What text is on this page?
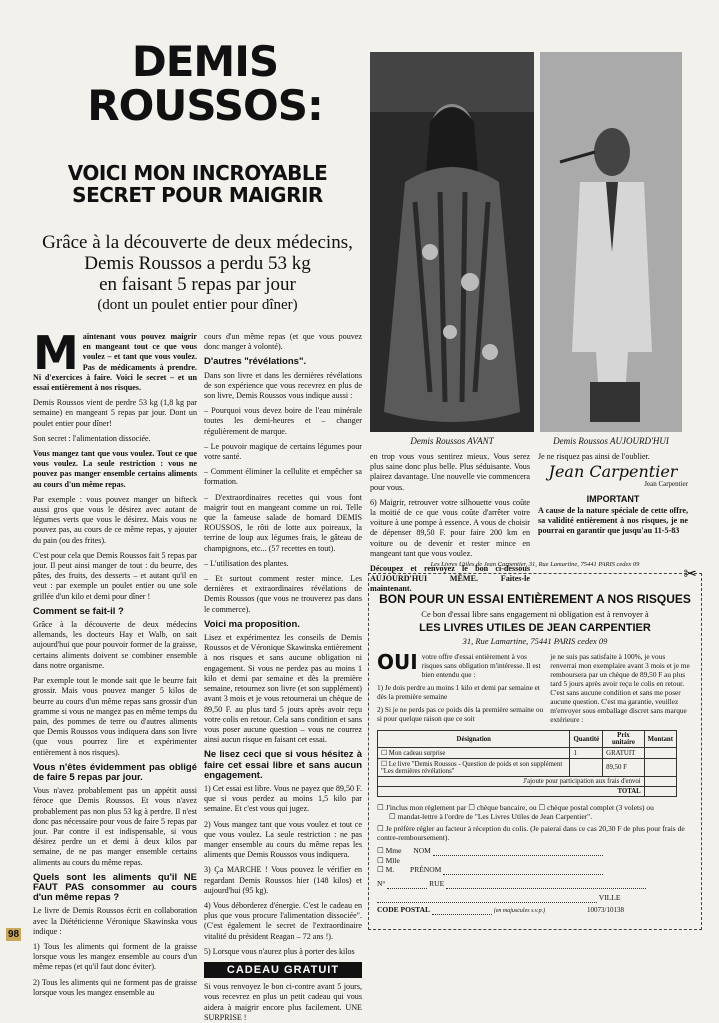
DEMIS
ROUSSOS:
VOICI MON INCROYABLE
SECRET POUR MAIGRIR
Grâce à la découverte de deux médecins,
Demis Roussos a perdu 53 kg
en faisant 5 repas par jour
(dont un poulet entier pour dîner)
Demis Roussos AVANT	Demis Roussos AUJOURD'HUI

Maintenant vous pouvez maigrir en mangeant tout ce que vous voulez – et tant que vous voulez. Pas de médicaments à prendre. Ni d'exercices à faire. Voici le secret – et un essai entièrement à nos risques.

Demis Roussos vient de perdre 53 kg (1,8 kg par semaine) en mangeant 5 repas par jour. Dont un poulet entier pour dîner!

Son secret : l'alimentation dissociée.

Vous mangez tant que vous voulez. Tout ce que vous voulez. La seule restriction : vous ne pouvez pas manger ensemble certains aliments au cours d'un même repas.

Par exemple : vous pouvez manger un bifteck aussi gros que vous le désirez avec autant de légumes verts que vous le désirez. Mais vous ne pouvez pas, au cours de ce même repas, y ajouter du pain (ou des frites).

C'est pour cela que Demis Roussos fait 5 repas par jour. Il peut ainsi manger de tout : du beurre, des pâtes, des fruits, des desserts – et autant qu'il en veut : par exemple un poulet entier ou une sole grillée d'un kilo et demi pour dîner !

Comment se fait-il ?

Grâce à la découverte de deux médecins allemands, les docteurs Hay et Walb, on sait aujourd'hui que pour pouvoir former de la graisse, certains aliments doivent se combiner ensemble dans notre organisme.

Par exemple tout le monde sait que le beurre fait grossir. Mais vous pouvez manger 5 kilos de beurre au cours d'un même repas sans grossir d'un gramme si vous ne mangez pas en même temps du pain, des pommes de terre ou d'autres aliments que Demis Roussos vous indiquera dans son livre (que vous pourrez lire et expérimenter entièrement à nos risques).

Vous n'êtes évidemment pas obligé de faire 5 repas par jour.

Vous n'avez probablement pas un appétit aussi féroce que Demis Roussos. Et vous n'avez probablement pas non plus 53 kg à perdre. Il n'est donc pas nécessaire pour vous de faire 5 repas par jour. Par contre il est indispensable, si vous désirez perdre un et demi à deux kilos par semaine, de ne pas manger ensemble certains aliments au cours du même repas.

Quels sont les aliments qu'il NE FAUT PAS consommer au cours d'un même repas ?

Le livre de Demis Roussos écrit en collaboration avec la Diététicienne Véronique Skawinska vous indique :

1) Tous les aliments qui forment de la graisse lorsque vous les mangez ensemble au cours d'un même repas (et qu'il faut donc éviter).

2) Tous les aliments qui ne forment pas de graisse lorsque vous les mangez ensemble au

cours d'un même repas (et que vous pouvez donc manger à volonté).

D'autres "révélations".

Dans son livre et dans les dernières révélations de son expérience que vous recevrez en plus de son livre, Demis Roussos vous indique aussi :

– Pourquoi vous devez boire de l'eau minérale toutes les demi-heures et – changer régulièrement de marque.

– Le pouvoir magique de certains légumes pour votre santé.

– Comment éliminer la cellulite et empêcher sa formation.

– D'extraordinaires recettes qui vous font maigrir tout en mangeant comme un roi. Telle que la fameuse salade de homard DEMIS ROUSSOS, le rôti de lotte aux poireaux, la terrine de loup aux légumes frais, le gâteau de champignons, etc... (57 recettes en tout).

– L'utilisation des plantes.

– Et surtout comment rester mince. Les dernières et extraordinaires révélations de Demis Roussos (que vous ne trouverez pas dans le commerce).

Voici ma proposition.

Lisez et expérimentez les conseils de Demis Roussos et de Véronique Skawinska entièrement à nos risques et sans aucune obligation ni engagement. Si vous ne perdez pas au moins 1 kilo et demi par semaine et dès la première semaine, retournez son livre (et son supplément) avant 3 mois et je vous retournerai un chèque de 89,50 F. au plus tard 5 jours après avoir reçu votre colis en retour. Cela sans condition et sans vous poser aucune question – vous ne courrez ainsi aucun risque en faisant cet essai.

Ne lisez ceci que si vous hésitez à faire cet essai libre et sans aucun engagement.

1) Cet essai est libre. Vous ne payez que 89,50 F. que si vous perdez au moins 1,5 kilo par semaine. Et c'est vous qui jugez.

2) Vous mangez tant que vous voulez et tout ce que vous voulez. La seule restriction : ne pas manger ensemble au cours du même repas les aliments que Demis Roussos vous indiquera.

3) Ça MARCHE ! Vous pouvez le vérifier en regardant Demis Roussos hier (148 kilos) et aujourd'hui (95 kg).

4) Vous déborderez d'énergie. C'est le cadeau en plus que vous procure l'alimentation dissociée". (C'est également le secret de l'extraordinaire vitalité du président Reagan – 72 ans !).

5) Lorsque vous n'aurez plus à porter des kilos

CADEAU GRATUIT

Si vous renvoyez le bon ci-contre avant 5 jours, vous recevrez en plus un petit cadeau qui vous aidera à maigrir encore plus facilement. UNE SURPRISE !

en trop vous vous sentirez mieux. Vous serez plus saine donc plus belle. Plus séduisante. Vous plairez davantage. Une nouvelle vie commencera pour vous.

6) Maigrir, retrouver votre silhouette vous coûte la moitié de ce que vous coûte d'arrêter votre voiture à une pompe à essence. A vous de choisir de dépenser 89,50 F. pour faire 200 km en voiture ou de devenir et rester mince en mangeant tant que vous voulez.

Découpez et renvoyez le bon ci-dessous AUJOURD'HUI MÊME. Faites-le maintenant.

Les Livres Utiles de Jean Carpentier, 31, Rue Lamartine, 75441 PARIS cedex 09

Je ne risquez pas ainsi de l'oublier.

Jean Carpentier
Jean Carpentier
IMPORTANT

A cause de la nature spéciale de cette offre, sa validité entièrement à nos risques, je ne pourrai en garantir que jusqu'au 11-5-83

BON POUR UN ESSAI ENTIÈREMENT A NOS RISQUES
Ce bon d'essai libre sans engagement ni obligation est à renvoyer à
LES LIVRES UTILES DE JEAN CARPENTIER
31, Rue Lamartine, 75441 PARIS cedex 09
OUI votre offre d'essai entièrement à vos risques sans obligation m'intéresse. Il est bien entendu que :
1) Je dois perdre au moins 1 kilo et demi par semaine et dès la première semaine
2) Si je ne perds pas ce poids dès la première semaine ou si pour quelque raison que ce soit
je ne suis pas satisfaite à 100%, je vous renverrai mon exemplaire avant 3 mois et je me remboursera par un chèque de 89,50 F au plus tard 5 jours après avoir reçu le colis en retour. C'est sans aucune condition et sans me poser aucune question. C'est ma garantie, veuillez m'envoyer sous emballage discret sans marque extérieure :
Désignation	Quantité	Prix unitaire	Montant
☐ Mon cadeau surprise	1	GRATUIT	
☐ Le livre "Demis Roussos - Question de poids et son supplément "Les dernières révélations"		89,50 F	
J'ajoute pour participation aux frais d'envoi			
TOTAL			
☐ J'inclus mon règlement par ☐ chèque bancaire, ou ☐ chèque postal complet (3 volets) ou
☐ mandat-lettre à l'ordre de "Les Livres Utiles de Jean Carpentier".
☐ Je préfère régler au facteur à réception du colis. (Je paierai dans ce cas 20,30 F de plus pour frais de contre-remboursement).
☐ Mme NOM
☐ Mlle
☐ M. PRÉNOM
N°	RUE
VILLE
CODE POSTAL	(en majuscules s.v.p.)	10073/10138
✂
98
